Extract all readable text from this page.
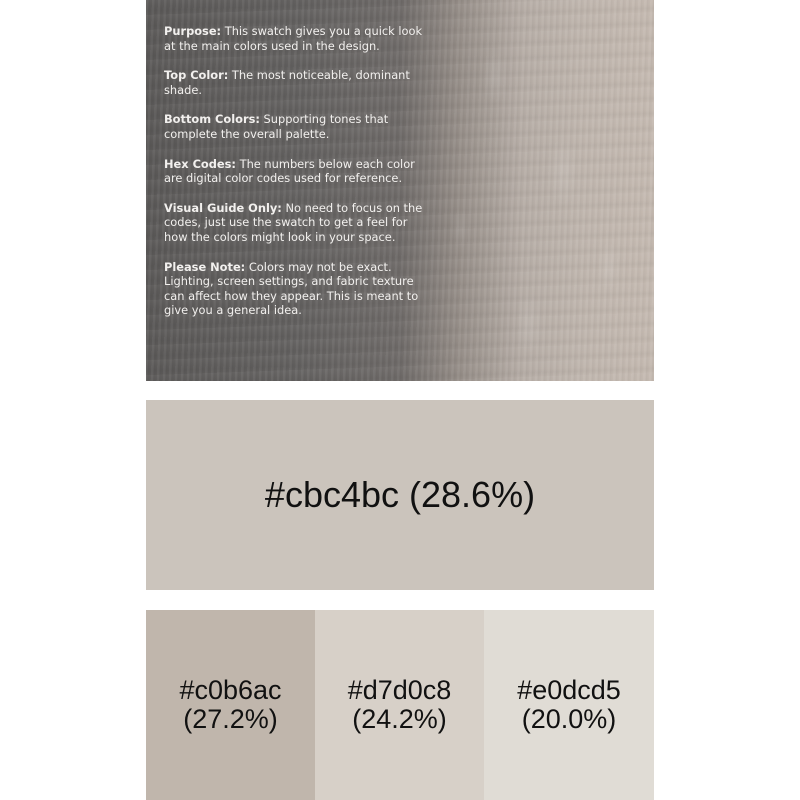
Purpose: This swatch gives you a quick look at the main colors used in the design.

Top Color: The most noticeable, dominant shade.

Bottom Colors: Supporting tones that complete the overall palette.

Hex Codes: The numbers below each color are digital color codes used for reference.

Visual Guide Only: No need to focus on the codes, just use the swatch to get a feel for how the colors might look in your space.

Please Note: Colors may not be exact. Lighting, screen settings, and fabric texture can affect how they appear. This is meant to give you a general idea.

#cbc4bc (28.6%)
#c0b6ac
(27.2%)
#d7d0c8
(24.2%)
#e0dcd5
(20.0%)
